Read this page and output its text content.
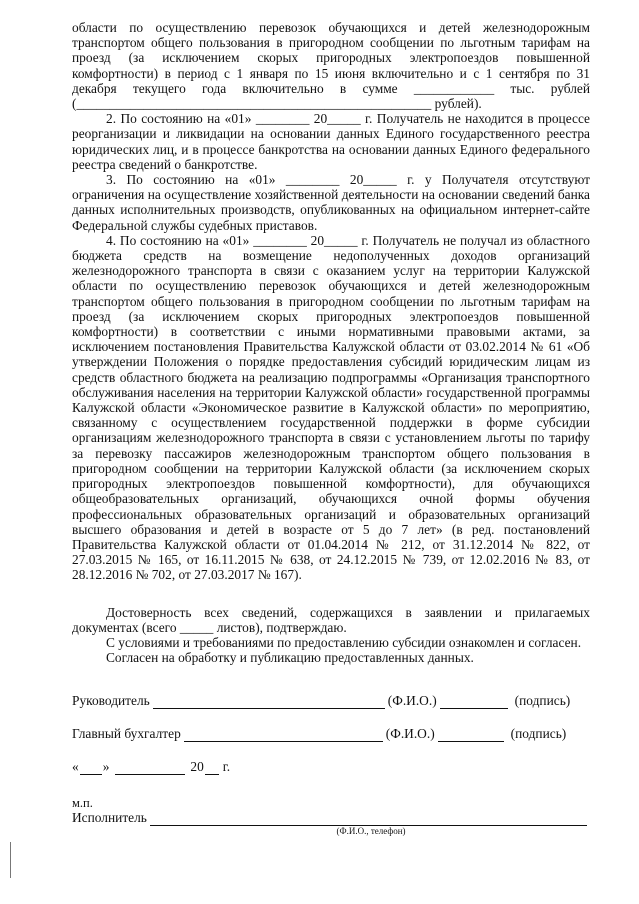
области по осуществлению перевозок обучающихся и детей железнодорожным транспортом общего пользования в пригородном сообщении по льготным тарифам на проезд (за исключением скорых пригородных электропоездов повышенной комфортности) в период с 1 января по 15 июня включительно и с 1 сентября по 31 декабря текущего года включительно в сумме ____________ тыс. рублей (_____________________________________________________ рублей).

2. По состоянию на «01» ________ 20_____ г. Получатель не находится в процессе реорганизации и ликвидации на основании данных Единого государственного реестра юридических лиц, и в процессе банкротства на основании данных Единого федерального реестра сведений о банкротстве.

3. По состоянию на «01» ________ 20_____ г. у Получателя отсутствуют ограничения на осуществление хозяйственной деятельности на основании сведений банка данных исполнительных производств, опубликованных на официальном интернет-сайте Федеральной службы судебных приставов.

4. По состоянию на «01» ________ 20_____ г. Получатель не получал из областного бюджета средств на возмещение недополученных доходов организаций железнодорожного транспорта в связи с оказанием услуг на территории Калужской области по осуществлению перевозок обучающихся и детей железнодорожным транспортом общего пользования в пригородном сообщении по льготным тарифам на проезд (за исключением скорых пригородных электропоездов повышенной комфортности) в соответствии с иными нормативными правовыми актами, за исключением постановления Правительства Калужской области от 03.02.2014 № 61 «Об утверждении Положения о порядке предоставления субсидий юридическим лицам из средств областного бюджета на реализацию подпрограммы «Организация транспортного обслуживания населения на территории Калужской области» государственной программы Калужской области «Экономическое развитие в Калужской области» по мероприятию, связанному с осуществлением государственной поддержки в форме субсидии организациям железнодорожного транспорта в связи с установлением льготы по тарифу за перевозку пассажиров железнодорожным транспортом общего пользования в пригородном сообщении на территории Калужской области (за исключением скорых пригородных электропоездов повышенной комфортности), для обучающихся общеобразовательных организаций, обучающихся очной формы обучения профессиональных образовательных организаций и образовательных организаций высшего образования и детей в возрасте от 5 до 7 лет» (в ред. постановлений Правительства Калужской области от 01.04.2014 № 212, от 31.12.2014 № 822, от 27.03.2015 № 165, от 16.11.2015 № 638, от 24.12.2015 № 739, от 12.02.2016 № 83, от 28.12.2016 № 702, от 27.03.2017 № 167).

Достоверность всех сведений, содержащихся в заявлении и прилагаемых документах (всего _____ листов), подтверждаю.

С условиями и требованиями по предоставлению субсидии ознакомлен и согласен.

Согласен на обработку и публикацию предоставленных данных.

Руководитель	(Ф.И.О.)	(подпись)
Главный бухгалтер	(Ф.И.О.)	(подпись)
« »	20 г.
м.п.
Исполнитель
(Ф.И.О., телефон)
